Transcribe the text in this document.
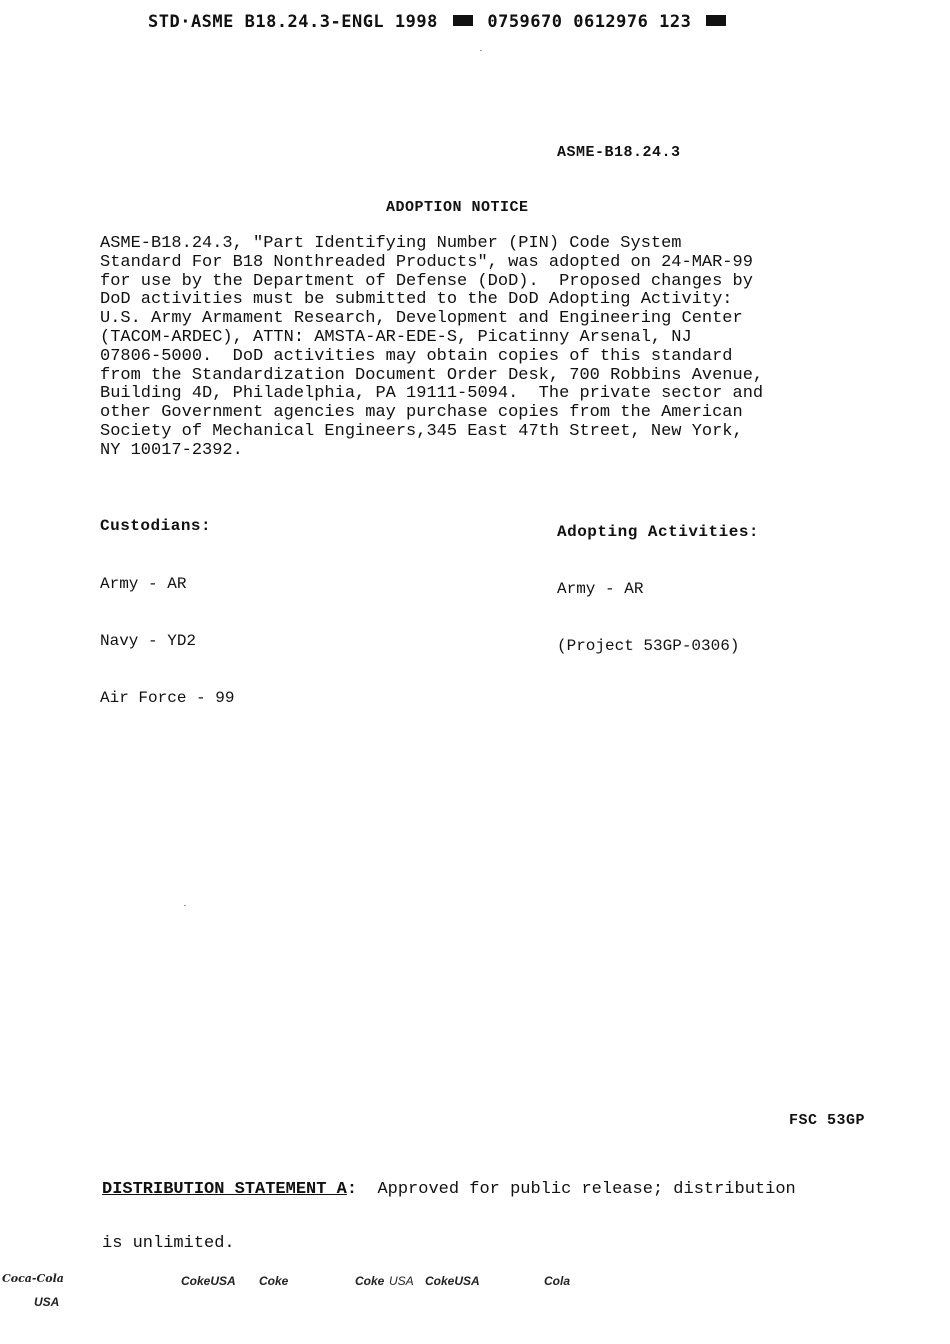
STD·ASME B18.24.3-ENGL 1998	0759670 0612976 123
ASME-B18.24.3
ADOPTION NOTICE
ASME-B18.24.3, "Part Identifying Number (PIN) Code System
Standard For B18 Nonthreaded Products", was adopted on 24-MAR-99
for use by the Department of Defense (DoD).  Proposed changes by
DoD activities must be submitted to the DoD Adopting Activity:
U.S. Army Armament Research, Development and Engineering Center
(TACOM-ARDEC), ATTN: AMSTA-AR-EDE-S, Picatinny Arsenal, NJ
07806-5000.  DoD activities may obtain copies of this standard
from the Standardization Document Order Desk, 700 Robbins Avenue,
Building 4D, Philadelphia, PA 19111-5094.  The private sector and
other Government agencies may purchase copies from the American
Society of Mechanical Engineers,345 East 47th Street, New York,
NY 10017-2392.
Custodians:

Army - AR

Navy - YD2

Air Force - 99

Adopting Activities:

Army - AR

(Project 53GP-0306)

FSC 53GP

DISTRIBUTION STATEMENT A:  Approved for public release; distribution

is unlimited.

Coca-Cola
USA
CokeUSA Coke	Coke USA CokeUSA	Cola
